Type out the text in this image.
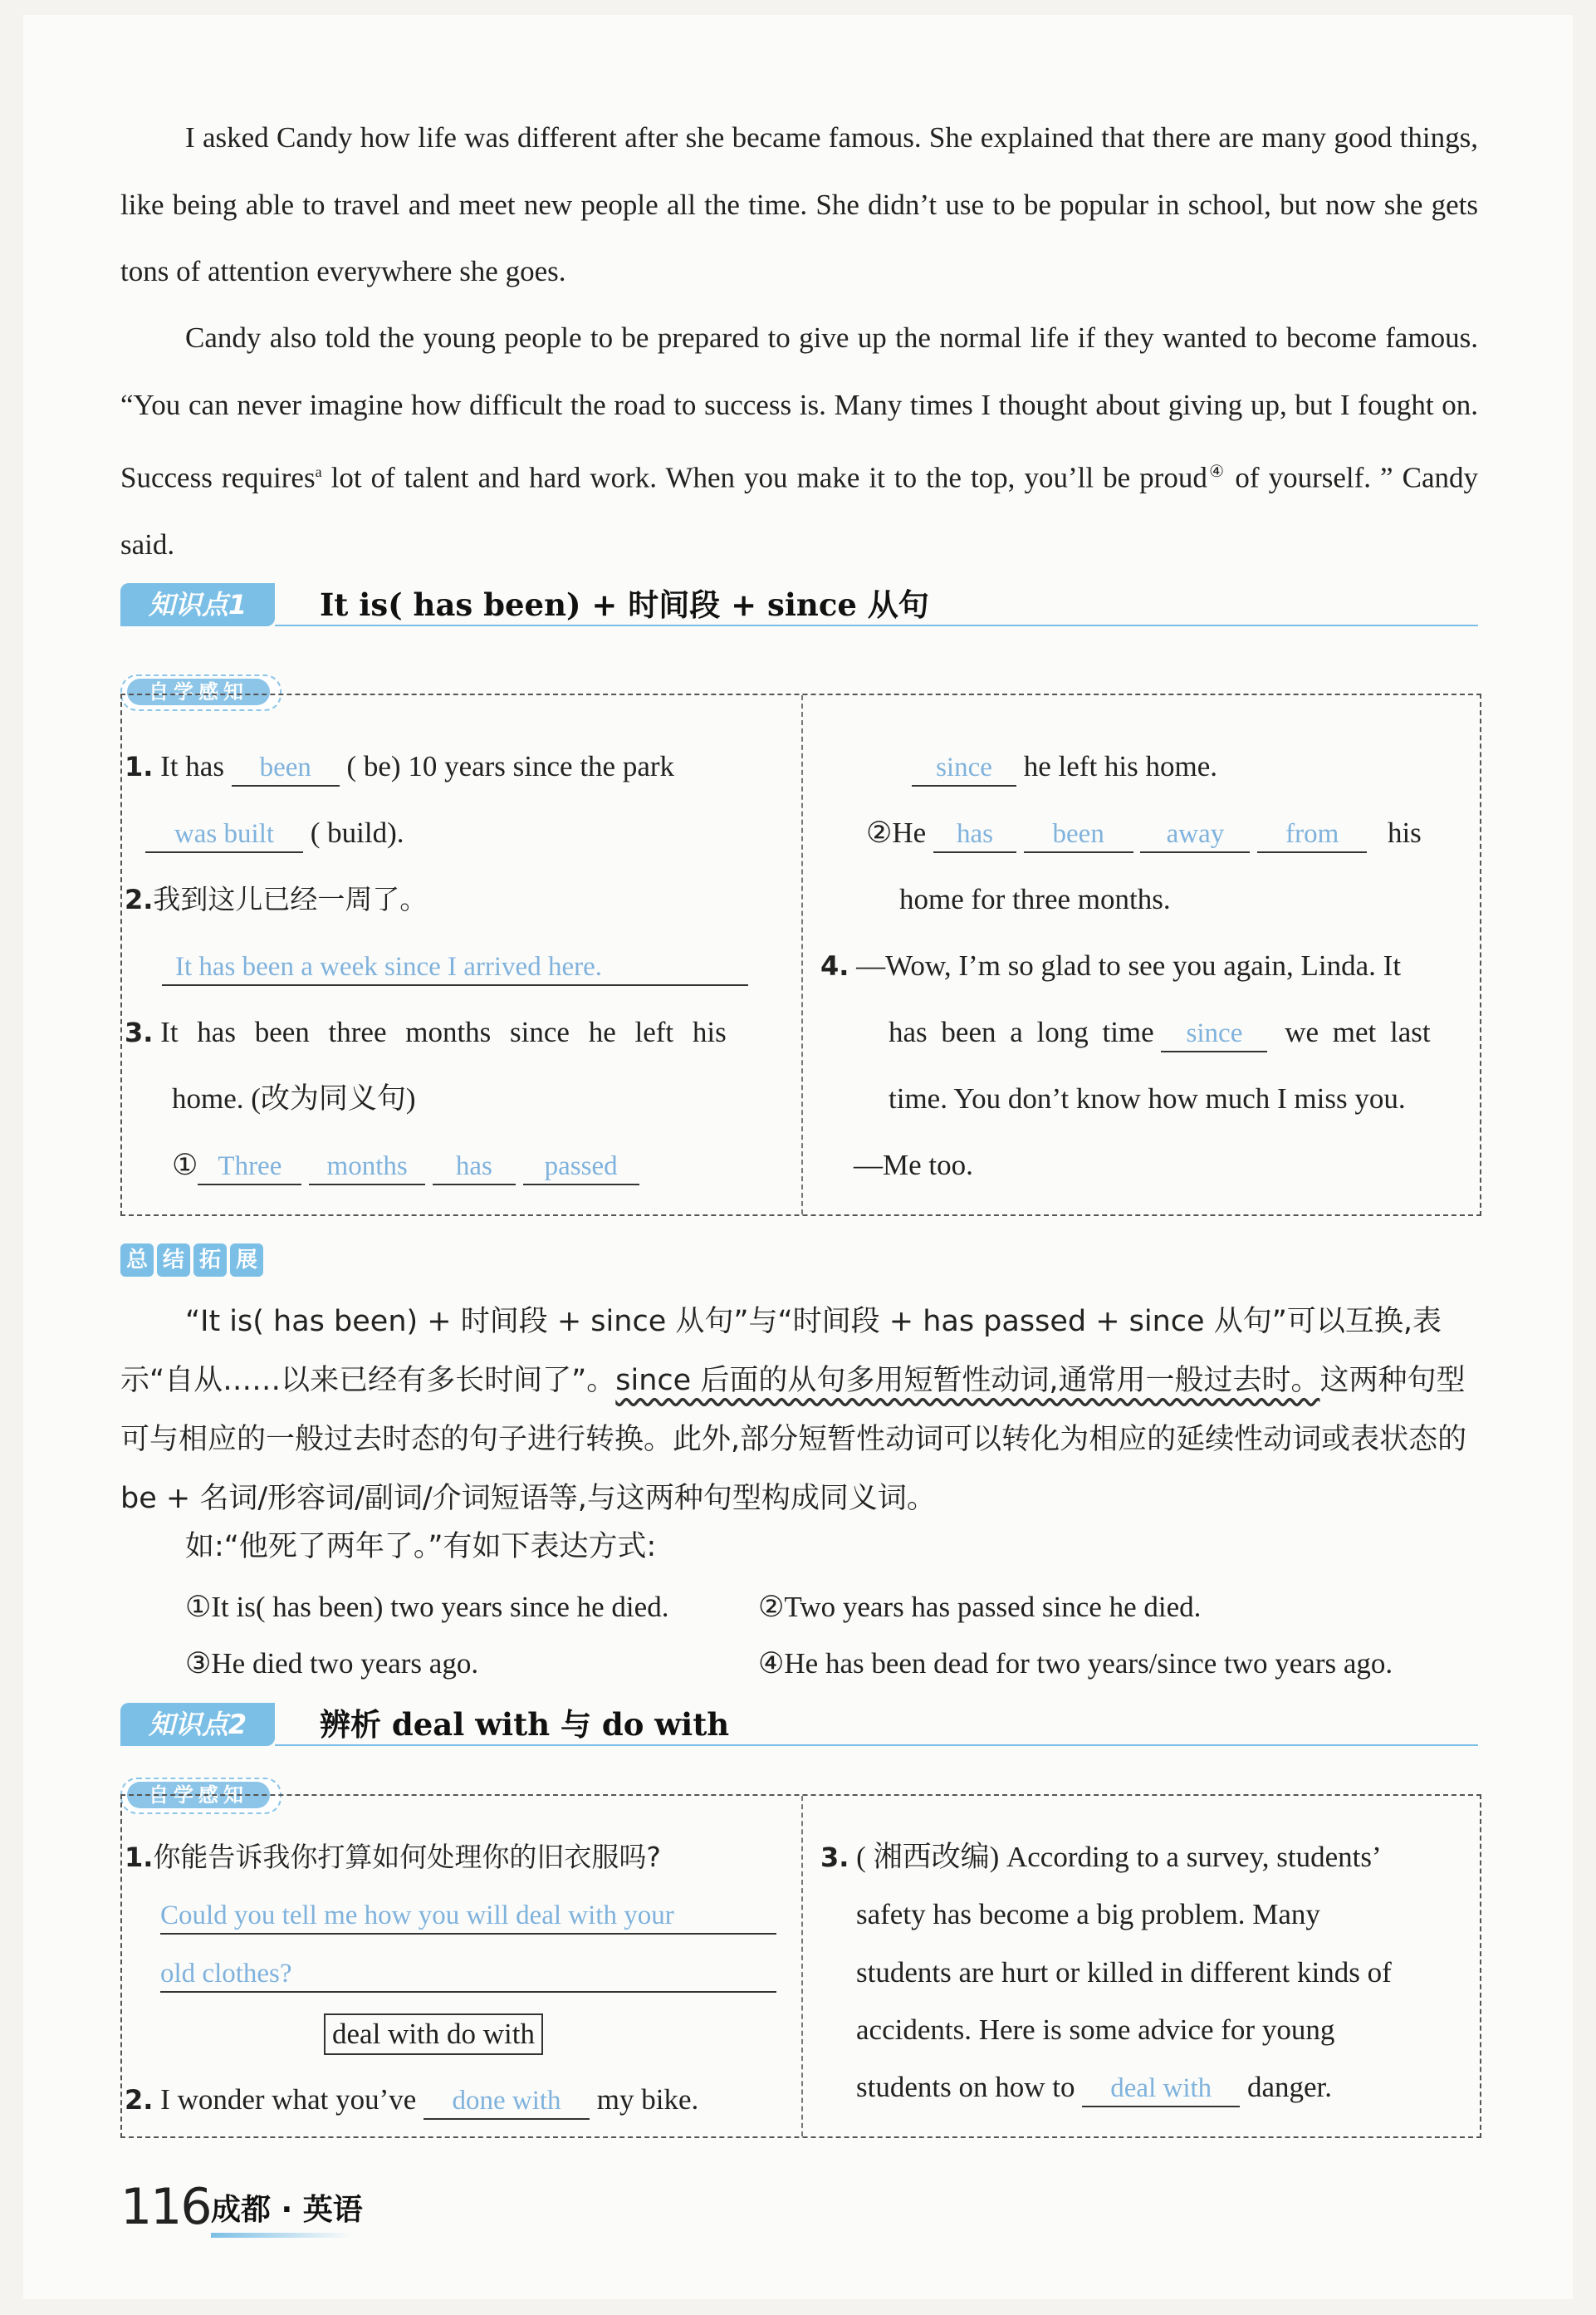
I asked Candy how life was different after she became famous. She explained that there are many good things, like being able to travel and meet new people all the time. She didn’t use to be popular in school, but now she gets tons of attention everywhere she goes.
Candy also told the young people to be prepared to give up the normal life if they wanted to become famous. “You can never imagine how difficult the road to success is. Many times I thought about giving up, but I fought on. Success requires$^a$ lot of talent and hard work. When you make it to the top, you’ll be proud④ of yourself. ” Candy said.
知识点1	It is( has been) + 时间段 + since 从句
自学感知
1. It has been ( be) 10 years since the park
was built ( build).
2.我到这儿已经一周了。
It has been a week since I arrived here.
3. It has been three months since he left his
home. (改为同义句)
① Three months has passed
since he left his home.
②He has been away from his
home for three months.
4. —Wow, I’m so glad to see you again, Linda. It
has been a long time since we met last
time. You don’t know how much I miss you.
—Me too.
总 结 拓 展
“It is( has been) + 时间段 + since 从句”与“时间段 + has passed + since 从句”可以互换,表示“自从……以来已经有多长时间了”。since 后面的从句多用短暂性动词,通常用一般过去时。这两种句型可与相应的一般过去时态的句子进行转换。此外,部分短暂性动词可以转化为相应的延续性动词或表状态的 be + 名词/形容词/副词/介词短语等,与这两种句型构成同义词。
如:“他死了两年了。”有如下表达方式:
①It is( has been) two years since he died.	②Two years has passed since he died.
③He died two years ago.	④He has been dead for two years/since two years ago.
知识点2	辨析 deal with 与 do with
自学感知
1.你能告诉我你打算如何处理你的旧衣服吗?
Could you tell me how you will deal with your
old clothes?
deal with do with
2. I wonder what you’ve done with my bike.
3. ( 湘西改编) According to a survey, students’
safety has become a big problem. Many
students are hurt or killed in different kinds of
accidents. Here is some advice for young
students on how to deal with danger.
116 成都 · 英语
